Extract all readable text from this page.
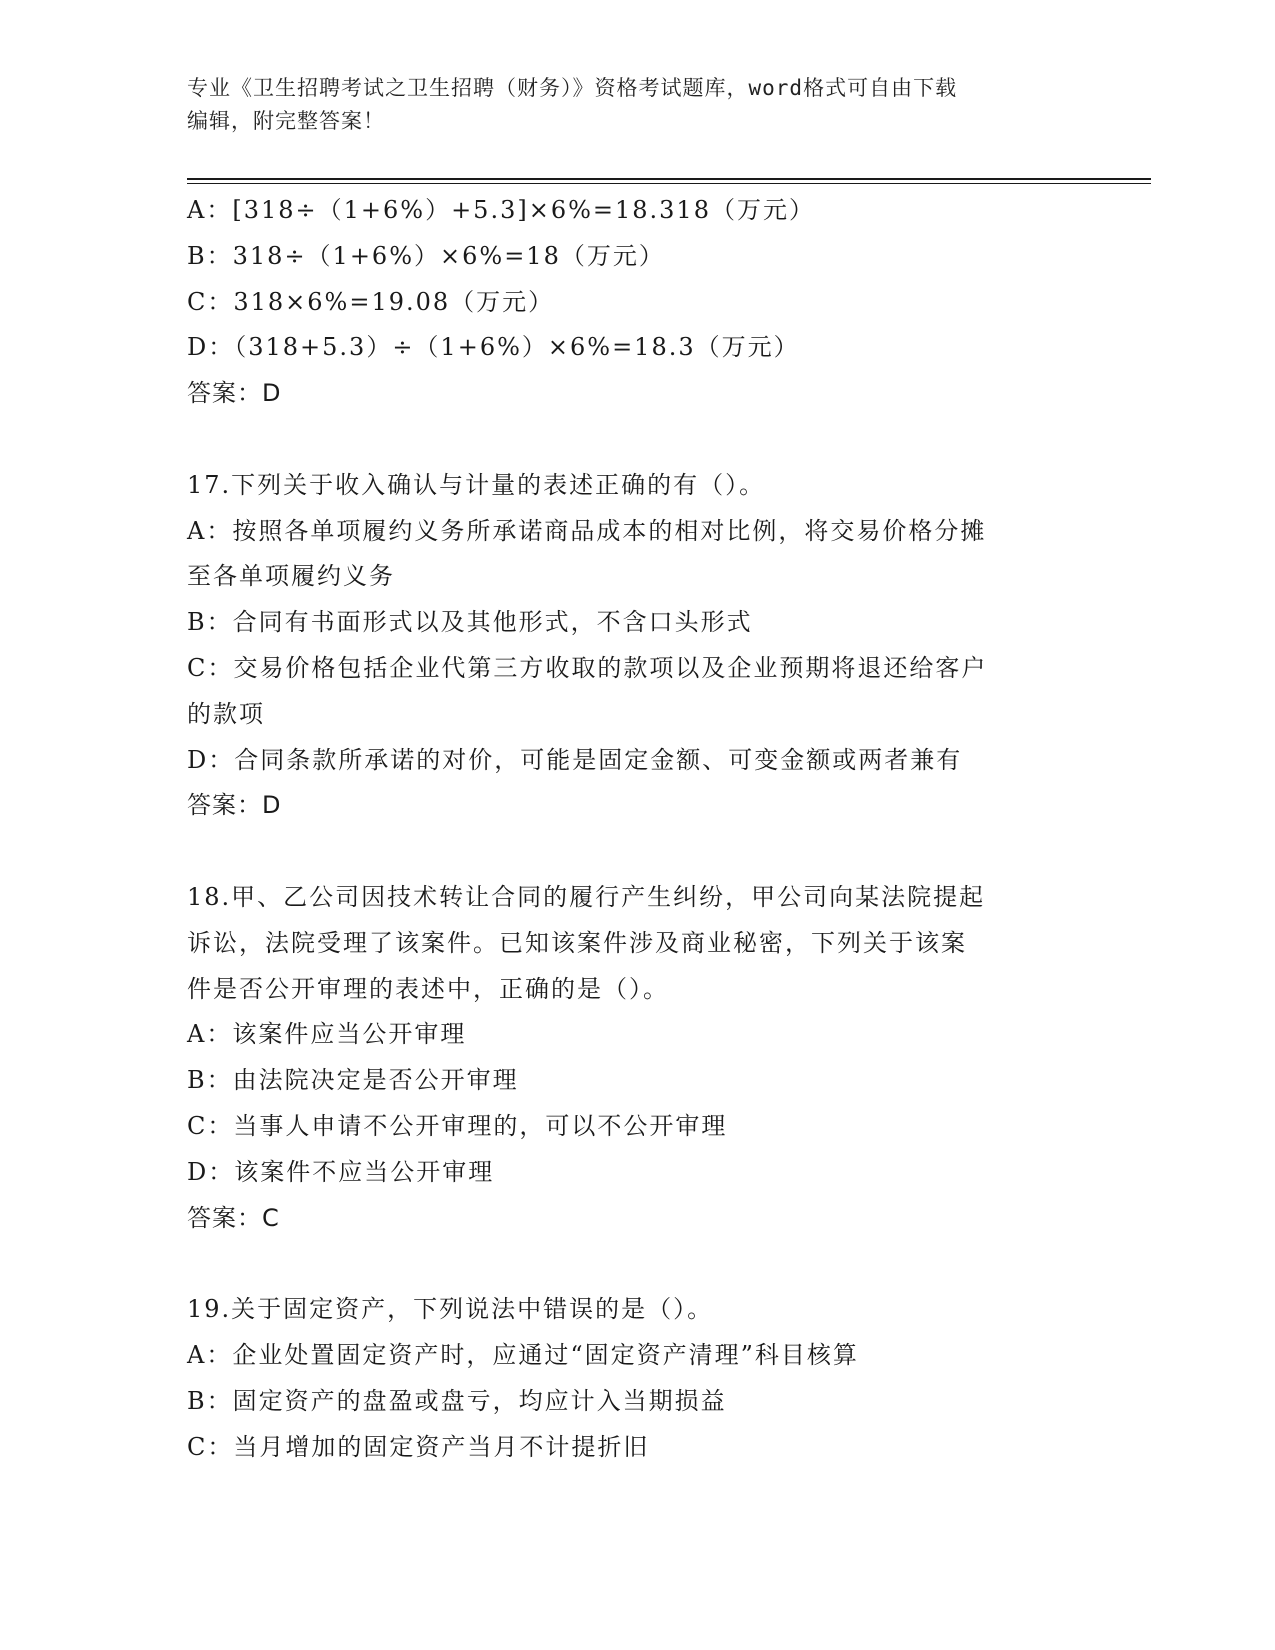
专业《卫生招聘考试之卫生招聘（财务）》资格考试题库，word格式可自由下载
编辑，附完整答案！
A：[318÷（1+6%）+5.3]×6%=18.318（万元）
B：318÷（1+6%）×6%=18（万元）
C：318×6%=19.08（万元）
D：（318+5.3）÷（1+6%）×6%=18.3（万元）
答案：D
17.下列关于收入确认与计量的表述正确的有（）。
A：按照各单项履约义务所承诺商品成本的相对比例，将交易价格分摊
至各单项履约义务
B：合同有书面形式以及其他形式，不含口头形式
C：交易价格包括企业代第三方收取的款项以及企业预期将退还给客户
的款项
D：合同条款所承诺的对价，可能是固定金额、可变金额或两者兼有
答案：D
18.甲、乙公司因技术转让合同的履行产生纠纷，甲公司向某法院提起
诉讼，法院受理了该案件。已知该案件涉及商业秘密，下列关于该案
件是否公开审理的表述中，正确的是（）。
A：该案件应当公开审理
B：由法院决定是否公开审理
C：当事人申请不公开审理的，可以不公开审理
D：该案件不应当公开审理
答案：C
19.关于固定资产，下列说法中错误的是（）。
A：企业处置固定资产时，应通过“固定资产清理”科目核算
B：固定资产的盘盈或盘亏，均应计入当期损益
C：当月增加的固定资产当月不计提折旧
